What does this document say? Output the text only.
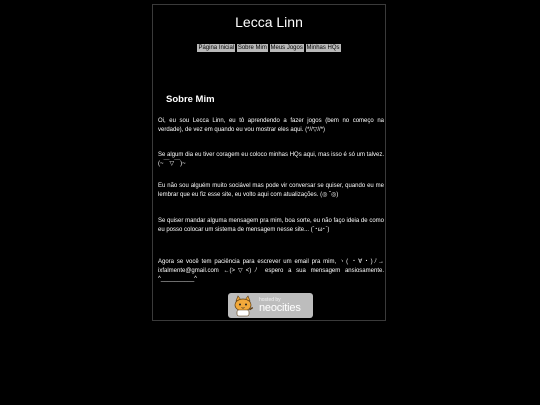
Lecca Linn
Página Inicial Sobre Mim Meus Jogos Minhas HQs
Sobre Mim

Oi, eu sou Lecca Linn, eu tô aprendendo a fazer jogos (bem no começo na verdade), de vez em quando eu vou mostrar eles aqui. (*//▽//*)

Se algum dia eu tiver coragem eu coloco minhas HQs aqui, mas isso é só um talvez. (~￣▽￣)~

Eu não sou alguém muito sociável mas pode vir conversar se quiser, quando eu me lembrar que eu fiz esse site, eu volto aqui com atualizações. (◎ ˇ◎)

Se quiser mandar alguma mensagem pra mim, boa sorte, eu não faço ideia de como eu posso colocar um sistema de mensagem nesse site... (´･ω･`)

Agora se você tem paciência para escrever um email pra mim, ヽ( ・∀・)ﾉ→ ixfalmente@gmail.com ←(>▽<)ﾉ espero a sua mensagem ansiosamente. ^__________^

hosted by
neocities
